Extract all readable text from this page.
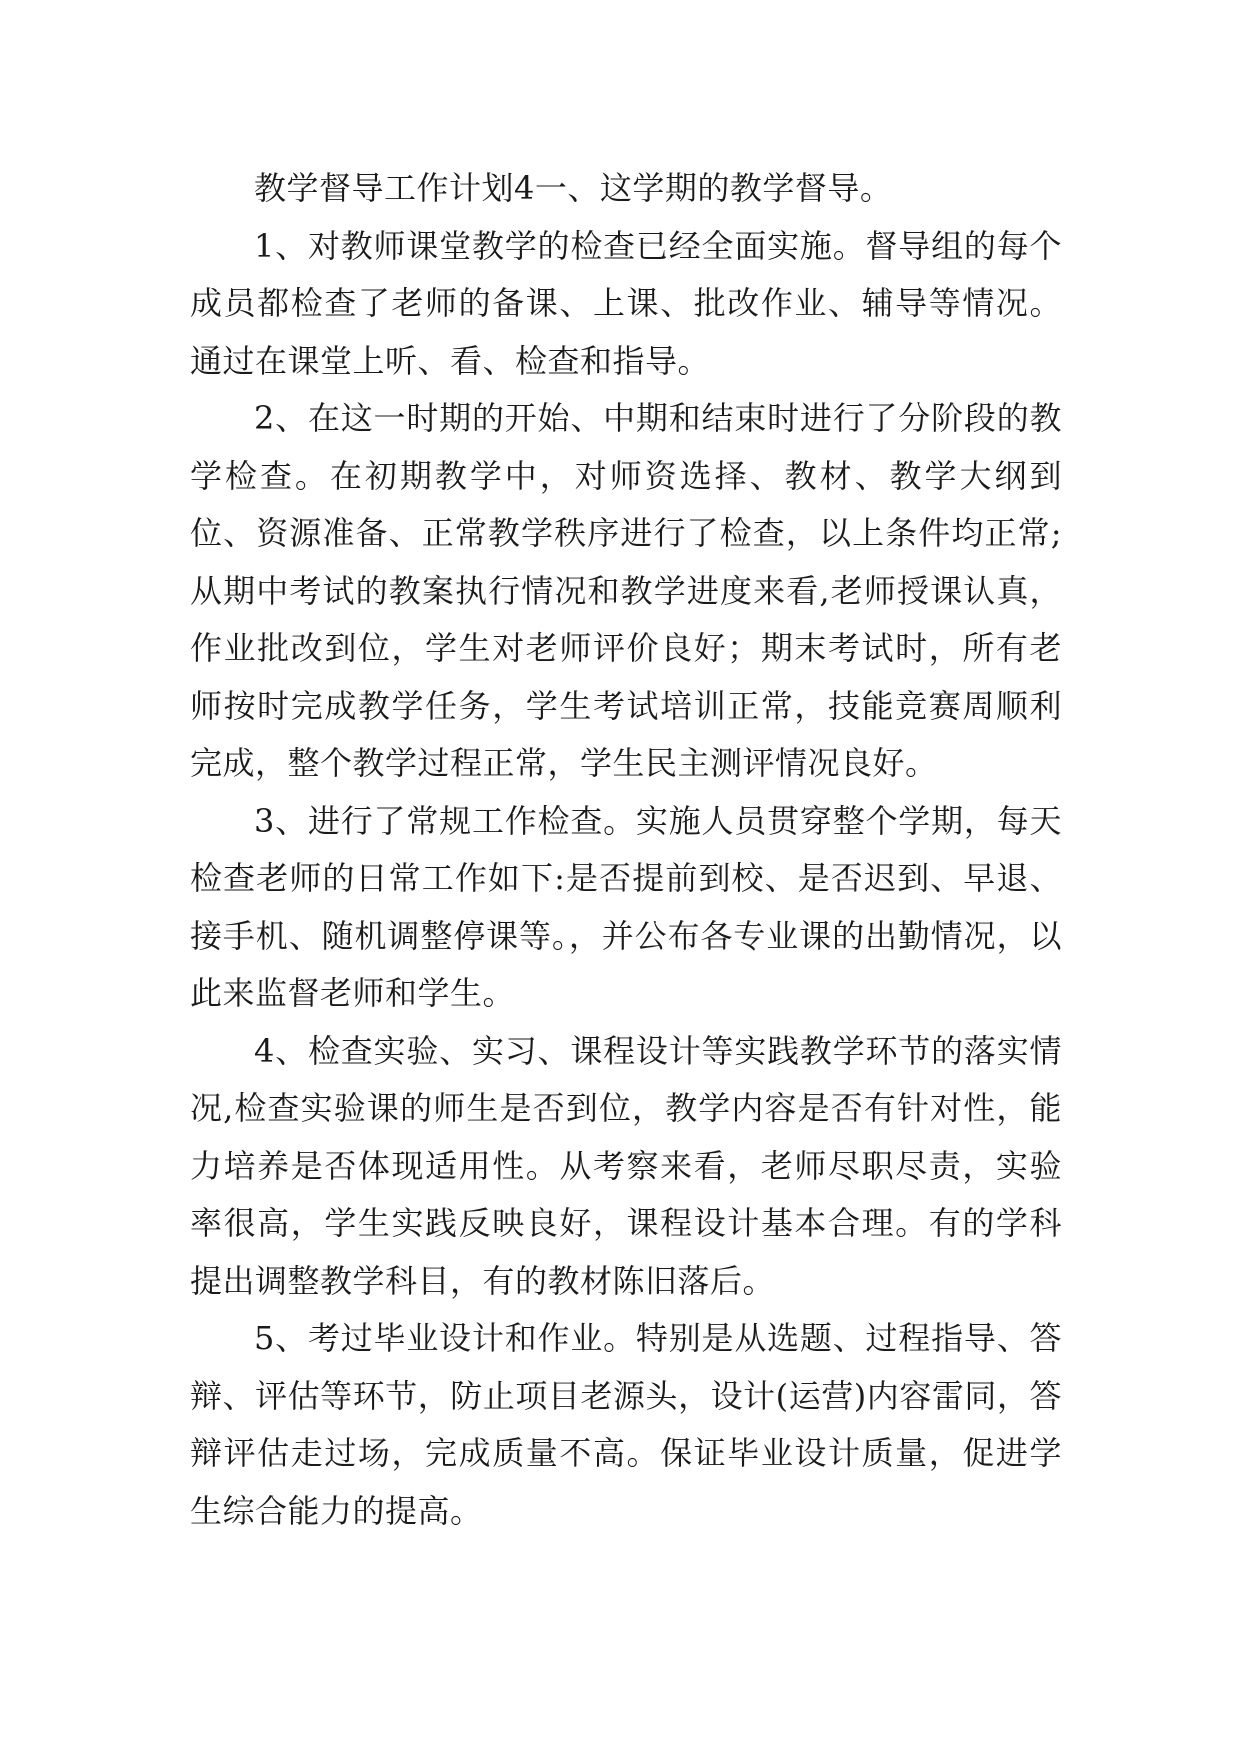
教学督导工作计划4一、这学期的教学督导。

1、对教师课堂教学的检查已经全面实施。督导组的每个成员都检查了老师的备课、上课、批改作业、辅导等情况。通过在课堂上听、看、检查和指导。

2、在这一时期的开始、中期和结束时进行了分阶段的教学检查。在初期教学中，对师资选择、教材、教学大纲到位、资源准备、正常教学秩序进行了检查，以上条件均正常;从期中考试的教案执行情况和教学进度来看,老师授课认真，作业批改到位，学生对老师评价良好；期末考试时，所有老师按时完成教学任务，学生考试培训正常，技能竞赛周顺利完成，整个教学过程正常，学生民主测评情况良好。

3、进行了常规工作检查。实施人员贯穿整个学期，每天检查老师的日常工作如下:是否提前到校、是否迟到、早退、接手机、随机调整停课等。，并公布各专业课的出勤情况，以此来监督老师和学生。

4、检查实验、实习、课程设计等实践教学环节的落实情况,检查实验课的师生是否到位，教学内容是否有针对性，能力培养是否体现适用性。从考察来看，老师尽职尽责，实验率很高，学生实践反映良好，课程设计基本合理。有的学科提出调整教学科目，有的教材陈旧落后。

5、考过毕业设计和作业。特别是从选题、过程指导、答辩、评估等环节，防止项目老源头，设计(运营)内容雷同，答辩评估走过场，完成质量不高。保证毕业设计质量，促进学生综合能力的提高。
